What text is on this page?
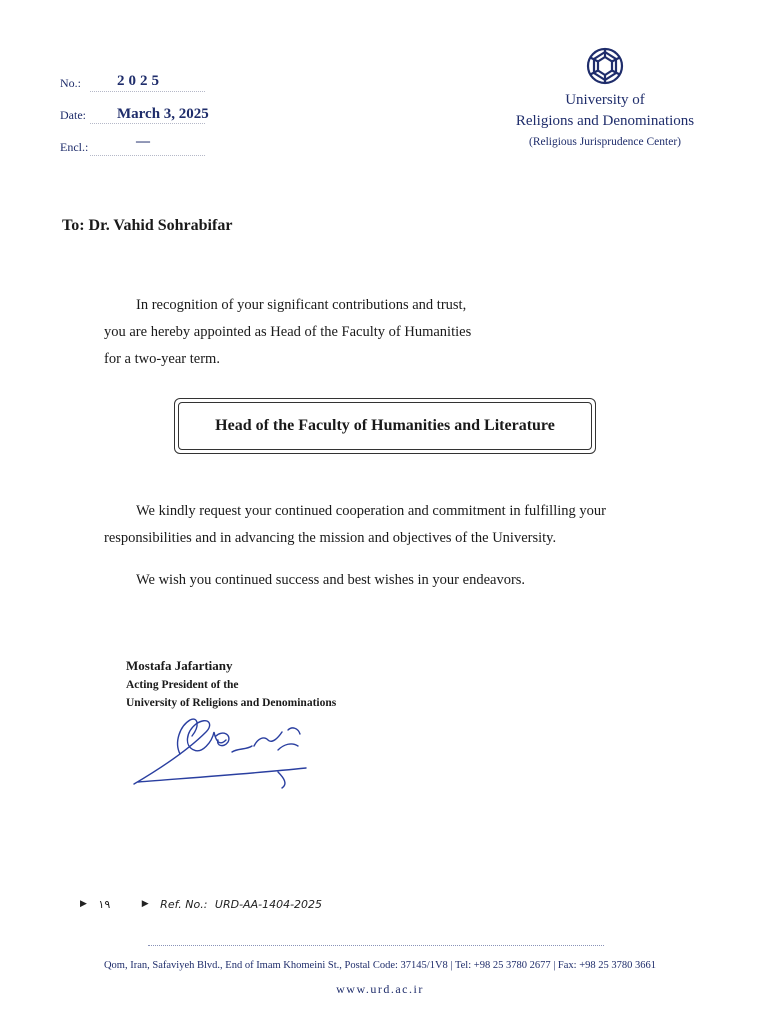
No.: 2025
Date: March 3, 2025
Encl.:	—
University of
Religions and Denominations
(Religious Jurisprudence Center)
To: Dr. Vahid Sohrabifar
In recognition of your significant contributions and trust,
you are hereby appointed as Head of the Faculty of Humanities
for a two-year term.
Head of the Faculty of Humanities and Literature
We kindly request your continued cooperation and commitment in fulfilling your
responsibilities and in advancing the mission and objectives of the University.
We wish you continued success and best wishes in your endeavors.
Mostafa Jafartiany
Acting President of the
University of Religions and Denominations
▶ ۱۹	▶ Ref. No.: URD-AA-1404-2025
Qom, Iran, Safaviyeh Blvd., End of Imam Khomeini St., Postal Code: 37145/1V8 | Tel: +98 25 3780 2677 | Fax: +98 25 3780 3661
www.urd.ac.ir
